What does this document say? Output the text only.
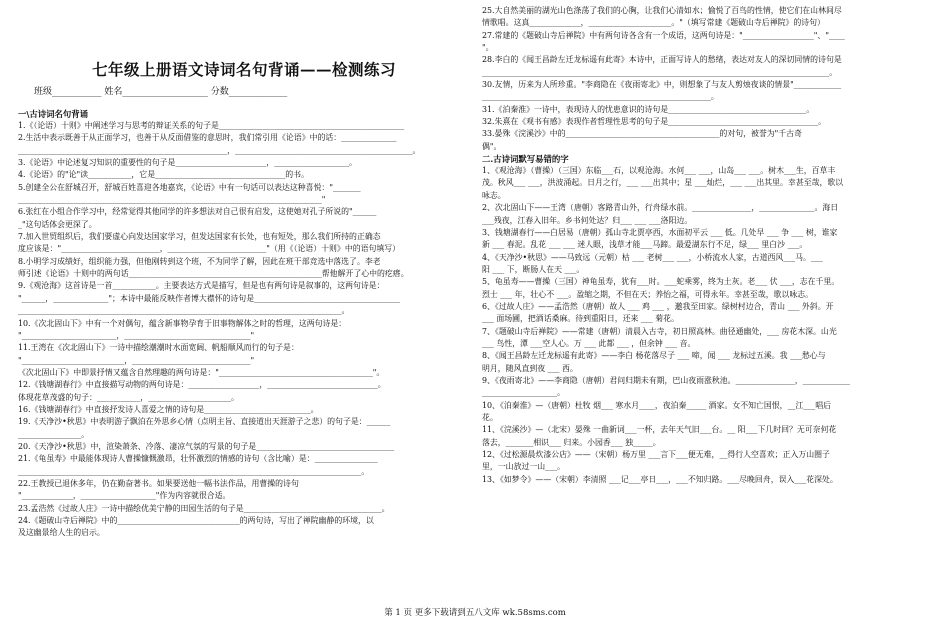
七年级上册语文诗词名句背诵——检测练习
班级___________ 姓名___________________ 分数_____________
一\古诗词名句背诵
1.《（论语）十则》中阐述学习与思考的辩证关系的句子是_______________________________________________
2.生活中表示既善于从正面学习，也善于从反面借鉴的意思时，我们常引用《论语》中的话：______________
_____________________________________________________，_____________________________________________。
3.《论语》中论述复习知识的重要性的句子是_______________________，___________________。
4.《论语》的"论"读___________，它是_________________________________的书。
5.创建全公在舒城召开，舒城百姓喜迎各地嘉宾，《论语》中有一句话可以表达这种喜悦："_______
_____________________________________________________________________________"
6.张红在小组合作学习中，经常觉得其他同学的许多想法对自己很有启发，这使她对孔子所说的"______
_"这句话体会更深了。
7.加入世贸组织后，我们要虚心向发达国家学习，但发达国家有长处，也有短处，那么我们所持的正确态
度应该是："_________________________，_________________________"（用《（论语）十则》中的语句填写）
8.小明学习成绩好，组织能力强，但他刚转到这个班，不为同学了解，因此在班干部竞选中落选了。李老
师引述《论语》十则中的两句话_________________________________________________帮他解开了心中的疙瘩。
9.《观沧海》这首诗是一首___________。主要表达方式是描写，但是也有两句诗是叙事的，这两句诗是：
"______，______________"；本诗中最能反映作者博大襟怀的诗句是_____________________________________
__________________________________________________________________________________。
10.《次北固山下》中有一个对偶句，蕴含新事物孕育于旧事物解体之时的哲理，这两句诗是：
"________________________，________________________________"
11.王湾在《次北固山下》一诗中描绘潮潮时水面宽阔、帆船顺风而行的句子是：
"__________________________，______________________________"
《次北固山下》中即景抒情又蕴含自然理趣的两句诗是："_______________________________________"。
12.《钱塘湖春行》中直接描写动物的两句诗是：__________________，____________________________。
体现花草茂盛的句子：___________，_____________________。
16.《钱塘湖春行》中直接抒发诗人喜爱之情的诗句是___________________________。
19.《天净沙•秋思》中表明游子飘泊在外思乡心情（点明主旨、直接道出天涯游子之悲）的句子是：______
________________。
20.《天净沙•秋思》中，渲染萧条、冷落、凄凉气氛的写景的句子是___________________________________
21.《龟虽寿》中最能体现诗人曹操慷慨激昂，壮怀激烈的情感的诗句（含比喻）是：________________
_______________________________________________________________________________________。
22.王教授已退休多年，仍在勤奋著书。如果要送他一幅书法作品，用曹操的诗句
"_____________，___________________"作为内容就很合适。
23.孟浩然《过故人庄》一诗中描绘优美宁静的田园生活的句子是___________________________________。
24.《题破山寺后禅院》中的_______________________________的两句诗，写出了禅院幽静的环境，以
及这幽景给人生的启示。
25.大自然美丽的湖光山色涤荡了我们的心胸，让我们心清如水；愉悦了百鸟的性情，使它们在山林间尽
情歌唱。这真_____________，_____________________。"（填写常建《题破山寺后禅院》的诗句）
27.常建的《题破山寺后禅院》中有两句诗各含有一个成语，这两句诗是："__________________"、"____
"。
28.李白的《闻王昌龄左迁龙标遥有此寄》本诗中，正面写诗人的愁绪，表达对友人的深切同情的诗句是
________________________________________________________________________________________。
30.友情，历来为人所珍重。"李商隐在《夜雨寄北》中，则想象了与友人剪烛夜谈的情景"____________
__________________________________________________________。
31.《泊秦淮》一诗中，表现诗人的忧患意识的诗句是___________________________________。
32.朱熹在《观书有感》表现作者哲理性思考的句子是______________________________________。
33.晏殊《浣溪沙》中的_______________________________________的对句，被誉为"千古奇
偶"。
二.古诗词默写易错的字
1、《观沧海》（曹操）（三国）东临___石，以观沧海。水何___ ___，山岛___ ___。树木___生，百草丰
茂。秋风___ ___，洪波涌起。日月之行，___ ___出其中；星 ___灿烂，___ ___出其里。幸甚至哉，歌以
咏志。
2、次北固山下——王湾（唐朝）客路青山外，行舟绿水前。_______________，______________。海日
___残夜，江春入旧年。乡书何处达？归___ ___ ___洛阳边。
3、钱塘湖春行——白居易（唐朝）孤山寺北贾亭西，水面初平云 ___ 低。几处早 ___ 争 ___ 树，谁家
新 ___ 春泥。乱花 ___ ___ 迷人眼，浅草才能___马蹄。最爱湖东行不足，绿___ 里白沙 ___。
4、《天净沙•秋思》——马致远（元朝）枯 ___ 老树___ ___，小桥流水人家，古道西风___马。___
阳 ___ 下，断肠人在天 ___。
5、龟虽寿——曹操（三国）神龟虽寿，犹有___时。___蛇乘雾，终为土灰。老___ 伏 ___，志在千里。
烈士 ___ 年，壮心不 ___。盈缩之期，不但在天；养怡之福，可得永年。幸甚至哉，歌以咏志。
6、《过故人庄》——孟浩然（唐朝）故人 ___ 鸡 ___ ，邀我至田家。绿树村边合，青山 ___ 外斜。开
___ 面场圃，把酒话桑麻。待到重阳日，还来 ___ 菊花。
7、《题破山寺后禅院》——常建（唐朝）清晨入古寺，初日照高林。曲径通幽处，___ 房花木深。山光
___ 鸟性，潭 ___空人心。万 ___ 此都 ___ ，但余钟 ___ 音。
8、《闻王昌龄左迁龙标遥有此寄》——李白 杨花落尽子 ___ 啼，闻 ___ 龙标过五溪。我 ___愁心与
明月，随风直到夜 ___ 西。
9、《夜雨寄北》——李商隐（唐朝）君问归期未有期，巴山夜雨涨秋池。_______________，____________
___________________。
10、《泊秦淮》—（唐朝）杜牧 烟___ 寒水月____，夜泊秦_____ 酒家。女不知亡国恨，__江___唱后
花。
11、《浣溪沙》—（北宋）晏殊 一曲新词___一杯，去年天气旧___台。__ 阳___下几时回？无可奈何花
落去，_______相识___ 归来。小园香___ 独_____。
12、《过松源晨炊漆公店》——（宋朝）杨万里 ___言下___便无难，__得行人空喜欢；正入万山圈子
里，一山放过一山___。
13、《如梦令》——（宋朝）李清照 ___记___亭日___，___不知归路。___尽晚回舟，误入___花深处。
第 1 页 更多下载请到五八文库 wk.58sms.com
